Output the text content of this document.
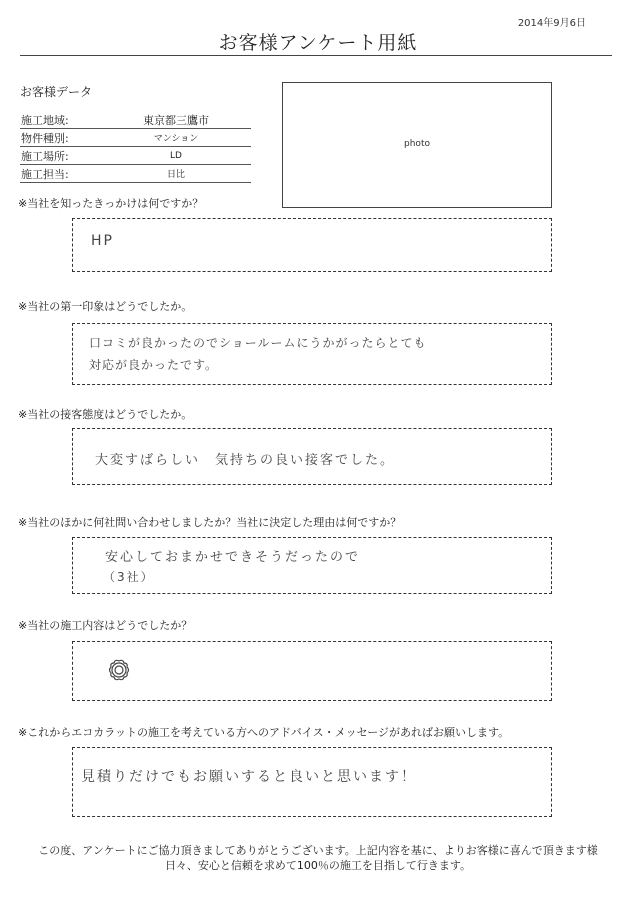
2014年9月6日
お客様アンケート用紙
お客様データ
施工地域:	東京都三鷹市
物件種別:	マンション
施工場所:	LD
施工担当:	日比
photo
※当社を知ったきっかけは何ですか？
HP
※当社の第一印象はどうでしたか。
口コミが良かったのでショールームにうかがったらとても
対応が良かったです。
※当社の接客態度はどうでしたか。
大変すばらしい　気持ちの良い接客でした。
※当社のほかに何社問い合わせしましたか？当社に決定した理由は何ですか？
安心しておまかせできそうだったので
（3社）
※当社の施工内容はどうでしたか？
※これからエコカラットの施工を考えている方へのアドバイス・メッセージがあればお願いします。
見積りだけでもお願いすると良いと思います！
この度、アンケートにご協力頂きましてありがとうございます。上記内容を基に、よりお客様に喜んで頂きます様
日々、安心と信頼を求めて100％の施工を目指して行きます。
